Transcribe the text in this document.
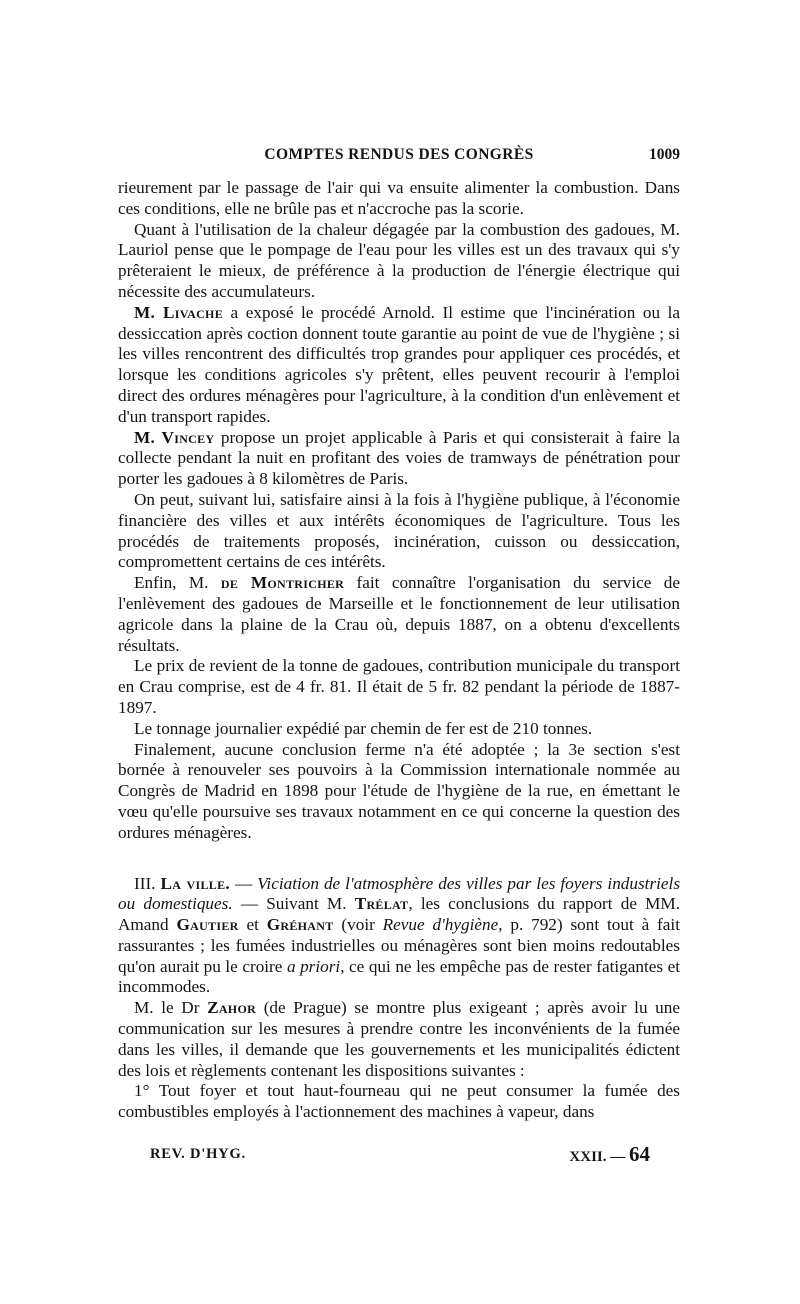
COMPTES RENDUS DES CONGRÈS	1009

rieurement par le passage de l'air qui va ensuite alimenter la combustion. Dans ces conditions, elle ne brûle pas et n'accroche pas la scorie.

Quant à l'utilisation de la chaleur dégagée par la combustion des gadoues, M. Lauriol pense que le pompage de l'eau pour les villes est un des travaux qui s'y prêteraient le mieux, de préférence à la production de l'énergie électrique qui nécessite des accumulateurs.

M. Livache a exposé le procédé Arnold. Il estime que l'incinération ou la dessiccation après coction donnent toute garantie au point de vue de l'hygiène ; si les villes rencontrent des difficultés trop grandes pour appliquer ces procédés, et lorsque les conditions agricoles s'y prêtent, elles peuvent recourir à l'emploi direct des ordures ménagères pour l'agriculture, à la condition d'un enlèvement et d'un transport rapides.

M. Vincey propose un projet applicable à Paris et qui consisterait à faire la collecte pendant la nuit en profitant des voies de tramways de pénétration pour porter les gadoues à 8 kilomètres de Paris.

On peut, suivant lui, satisfaire ainsi à la fois à l'hygiène publique, à l'économie financière des villes et aux intérêts économiques de l'agriculture. Tous les procédés de traitements proposés, incinération, cuisson ou dessiccation, compromettent certains de ces intérêts.

Enfin, M. de Montricher fait connaître l'organisation du service de l'enlèvement des gadoues de Marseille et le fonctionnement de leur utilisation agricole dans la plaine de la Crau où, depuis 1887, on a obtenu d'excellents résultats.

Le prix de revient de la tonne de gadoues, contribution municipale du transport en Crau comprise, est de 4 fr. 81. Il était de 5 fr. 82 pendant la période de 1887-1897.

Le tonnage journalier expédié par chemin de fer est de 210 tonnes.

Finalement, aucune conclusion ferme n'a été adoptée ; la 3e section s'est bornée à renouveler ses pouvoirs à la Commission internationale nommée au Congrès de Madrid en 1898 pour l'étude de l'hygiène de la rue, en émettant le vœu qu'elle poursuive ses travaux notamment en ce qui concerne la question des ordures ménagères.

III. La ville. — Viciation de l'atmosphère des villes par les foyers industriels ou domestiques. — Suivant M. Trélat, les conclusions du rapport de MM. Amand Gautier et Gréhant (voir Revue d'hygiène, p. 792) sont tout à fait rassurantes ; les fumées industrielles ou ménagères sont bien moins redoutables qu'on aurait pu le croire a priori, ce qui ne les empêche pas de rester fatigantes et incommodes.

M. le Dr Zahor (de Prague) se montre plus exigeant ; après avoir lu une communication sur les mesures à prendre contre les inconvénients de la fumée dans les villes, il demande que les gouvernements et les municipalités édictent des lois et règlements contenant les dispositions suivantes :

1° Tout foyer et tout haut-fourneau qui ne peut consumer la fumée des combustibles employés à l'actionnement des machines à vapeur, dans

REV. D'HYG.	XXII. — 64
